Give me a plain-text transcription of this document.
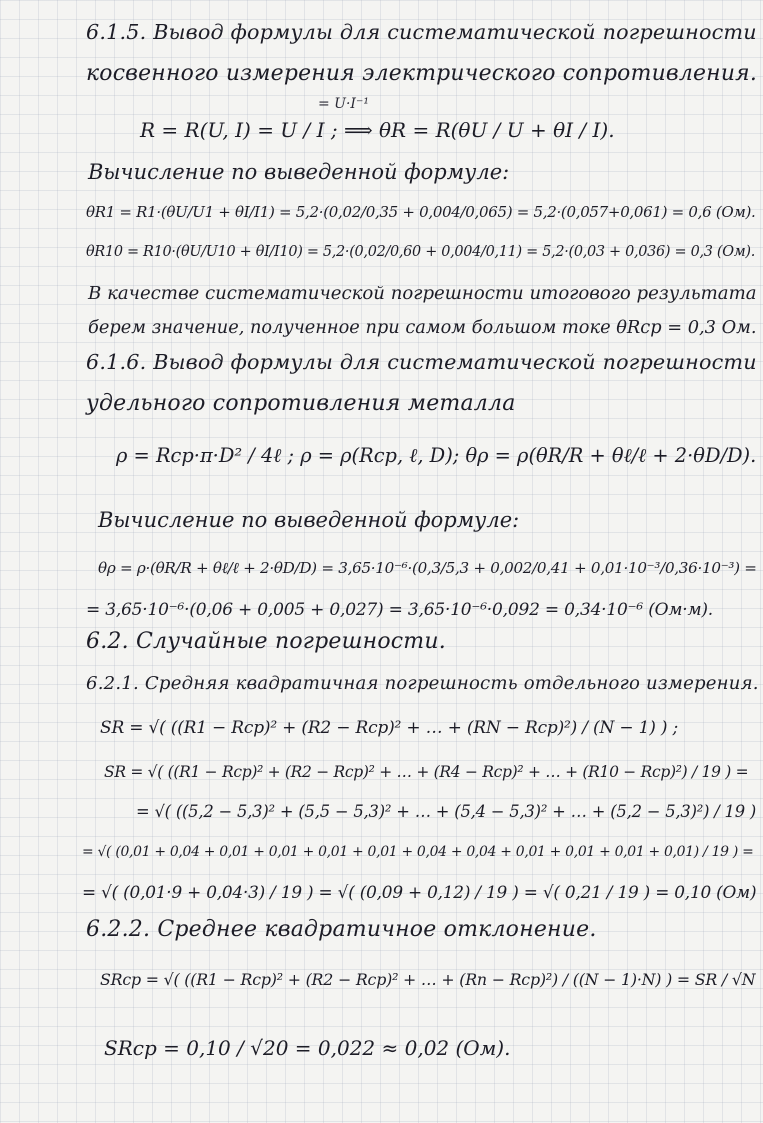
6.1.5. Вывод формулы для систематической погрешности
косвенного измерения электрического сопротивления.
= U·I⁻¹
R = R(U, I) = U / I ; ⟹ θR = R(θU / U + θI / I).
Вычисление по выведенной формуле:
θR1 = R1·(θU/U1 + θI/I1) = 5,2·(0,02/0,35 + 0,004/0,065) = 5,2·(0,057+0,061) = 0,6 (Ом).
θR10 = R10·(θU/U10 + θI/I10) = 5,2·(0,02/0,60 + 0,004/0,11) = 5,2·(0,03 + 0,036) = 0,3 (Ом).
В качестве систематической погрешности итогового результата
берем значение, полученное при самом большом токе θRср = 0,3 Ом.
6.1.6. Вывод формулы для систематической погрешности
удельного сопротивления металла
ρ = Rср·π·D² / 4ℓ ; ρ = ρ(Rср, ℓ, D); θρ = ρ(θR/R + θℓ/ℓ + 2·θD/D).
Вычисление по выведенной формуле:
θρ = ρ·(θR/R + θℓ/ℓ + 2·θD/D) = 3,65·10⁻⁶·(0,3/5,3 + 0,002/0,41 + 0,01·10⁻³/0,36·10⁻³) =
= 3,65·10⁻⁶·(0,06 + 0,005 + 0,027) = 3,65·10⁻⁶·0,092 = 0,34·10⁻⁶ (Ом·м).
6.2. Случайные погрешности.
6.2.1. Средняя квадратичная погрешность отдельного измерения.
SR = √( ((R1 − Rср)² + (R2 − Rср)² + … + (RN − Rср)²) / (N − 1) ) ;
SR = √( ((R1 − Rср)² + (R2 − Rср)² + … + (R4 − Rср)² + … + (R10 − Rср)²) / 19 ) =
= √( ((5,2 − 5,3)² + (5,5 − 5,3)² + … + (5,4 − 5,3)² + … + (5,2 − 5,3)²) / 19 )
= √( (0,01 + 0,04 + 0,01 + 0,01 + 0,01 + 0,01 + 0,04 + 0,04 + 0,01 + 0,01 + 0,01 + 0,01) / 19 ) =
= √( (0,01·9 + 0,04·3) / 19 ) = √( (0,09 + 0,12) / 19 ) = √( 0,21 / 19 ) = 0,10 (Ом)
6.2.2. Среднее квадратичное отклонение.
SRср = √( ((R1 − Rср)² + (R2 − Rср)² + … + (Rn − Rср)²) / ((N − 1)·N) ) = SR / √N
SRср = 0,10 / √20 = 0,022 ≈ 0,02 (Ом).
